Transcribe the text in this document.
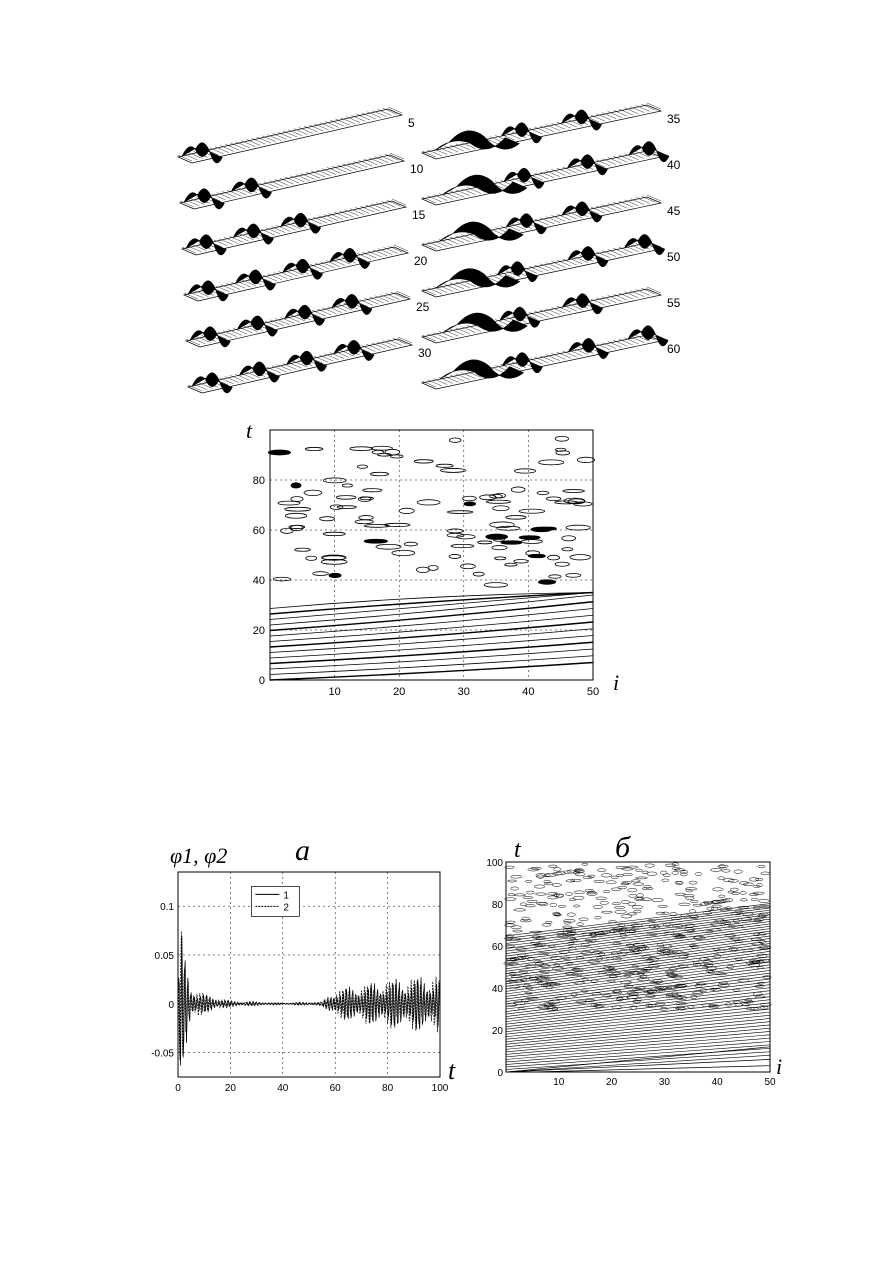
5
10
15
20
25
30
35
40
45
50
55
60
10	20	30	40	50
0
20
40
60
80
i
t
1
2
0	20	40	60	80	100
-0.05
0
0.05
0.1
t
φ1, φ2 а
10	20	30	40	50
0
20
40
60
80
100
i
t	б
